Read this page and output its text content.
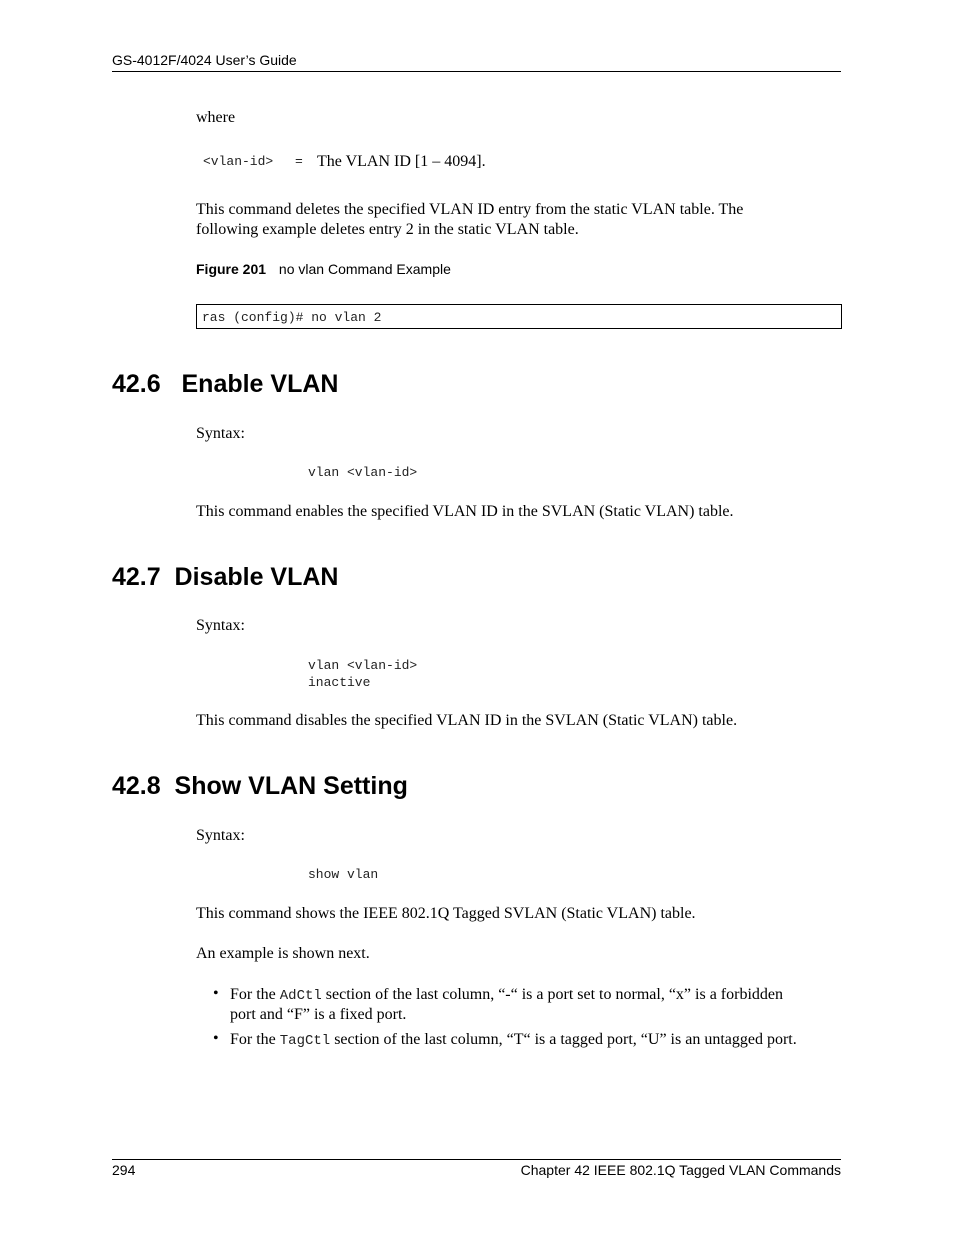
GS-4012F/4024 User’s Guide
where
<vlan-id> = The VLAN ID [1 – 4094].
This command deletes the specified VLAN ID entry from the static VLAN table. The
following example deletes entry 2 in the static VLAN table.
Figure 201 no vlan Command Example
ras (config)# no vlan 2
42.6   Enable VLAN
Syntax:
vlan <vlan-id>
This command enables the specified VLAN ID in the SVLAN (Static VLAN) table.
42.7  Disable VLAN
Syntax:
vlan <vlan-id>
inactive
This command disables the specified VLAN ID in the SVLAN (Static VLAN) table.
42.8  Show VLAN Setting
Syntax:
show vlan
This command shows the IEEE 802.1Q Tagged SVLAN (Static VLAN) table.
An example is shown next.
• For the AdCtl section of the last column, “-“ is a port set to normal, “x” is a forbidden
port and “F” is a fixed port.
• For the TagCtl section of the last column, “T“ is a tagged port, “U” is an untagged port.
294	Chapter 42 IEEE 802.1Q Tagged VLAN Commands
